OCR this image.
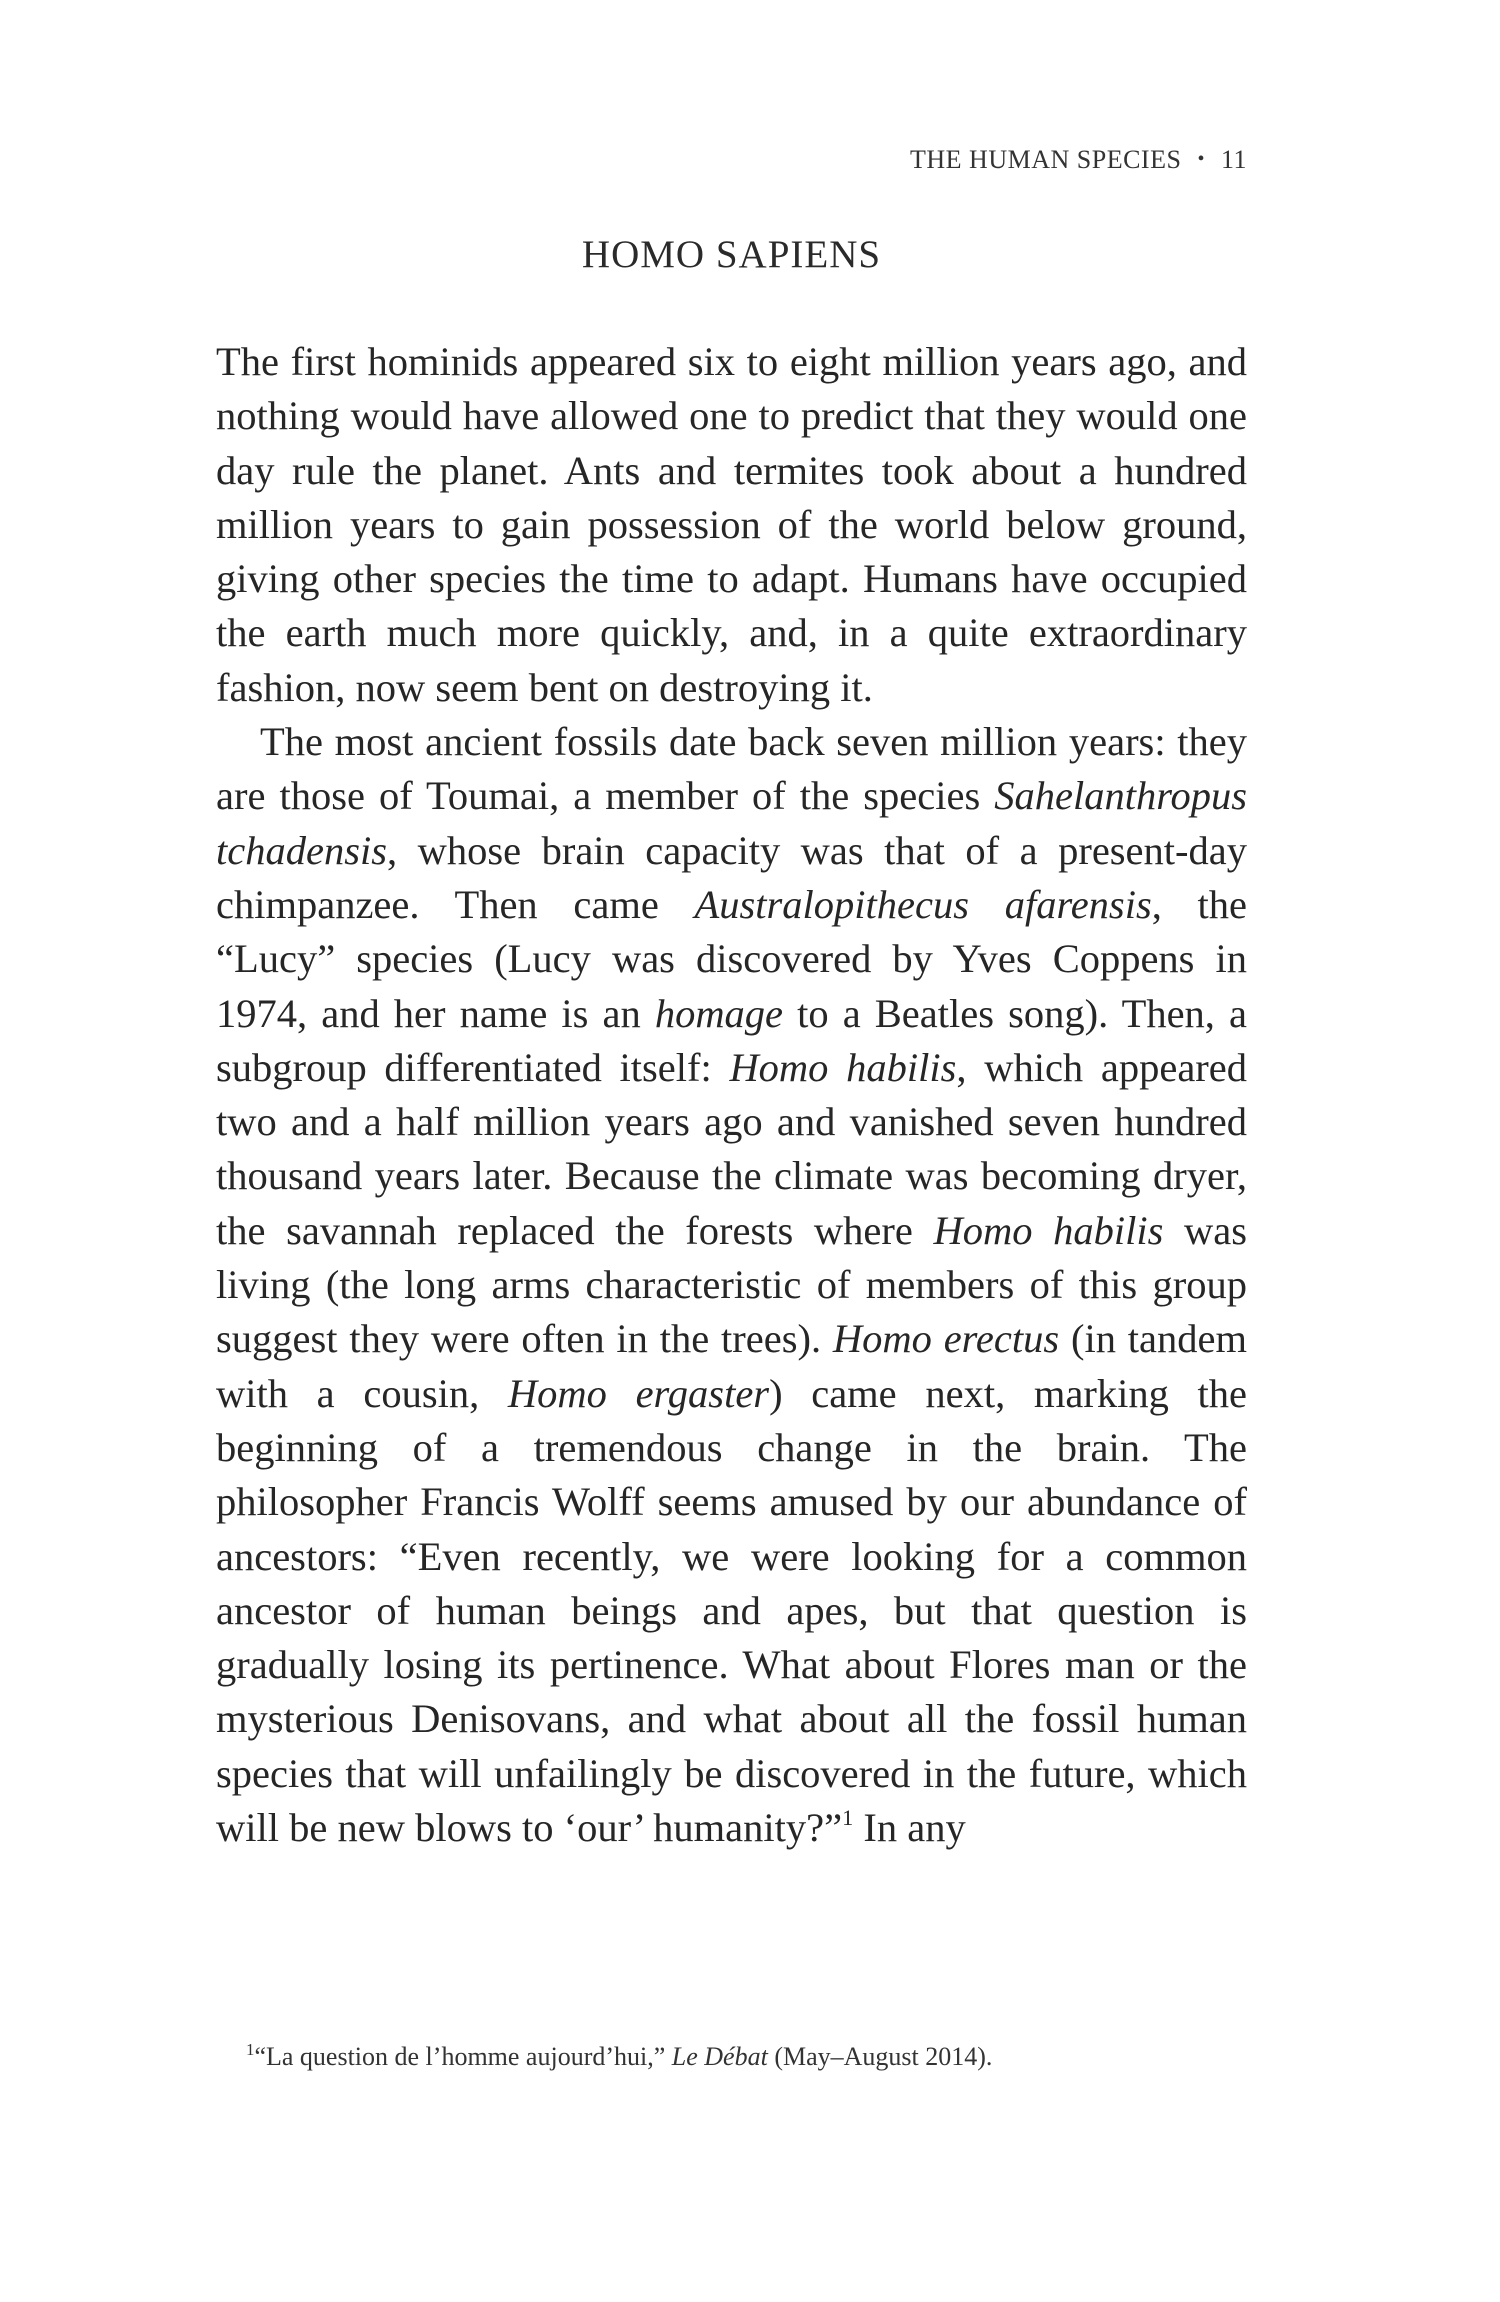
THE HUMAN SPECIES • 11
HOMO SAPIENS

The first hominids appeared six to eight million years ago, and nothing would have allowed one to predict that they would one day rule the planet. Ants and termites took about a hundred million years to gain possession of the world below ground, giving other species the time to adapt. Humans have occupied the earth much more quickly, and, in a quite extraordinary fashion, now seem bent on destroying it.

The most ancient fossils date back seven million years: they are those of Toumai, a member of the species Sahelanthropus tchadensis, whose brain capacity was that of a present-day chimpanzee. Then came Australopithecus afarensis, the “Lucy” species (Lucy was discovered by Yves Coppens in 1974, and her name is an homage to a Beatles song). Then, a subgroup differentiated itself: Homo habilis, which appeared two and a half million years ago and vanished seven hundred thousand years later. Because the climate was becoming dryer, the savannah replaced the forests where Homo habilis was living (the long arms characteristic of members of this group suggest they were often in the trees). Homo erectus (in tandem with a cousin, Homo ergaster) came next, marking the beginning of a tremendous change in the brain. The philosopher Francis Wolff seems amused by our abundance of ancestors: “Even recently, we were looking for a common ancestor of human beings and apes, but that question is gradually losing its pertinence. What about Flores man or the mysterious Denisovans, and what about all the fossil human species that will unfailingly be discovered in the future, which will be new blows to ‘our’ humanity?”$^1$ In any

$^1$“La question de l’homme aujourd’hui,” Le Débat (May–August 2014).
